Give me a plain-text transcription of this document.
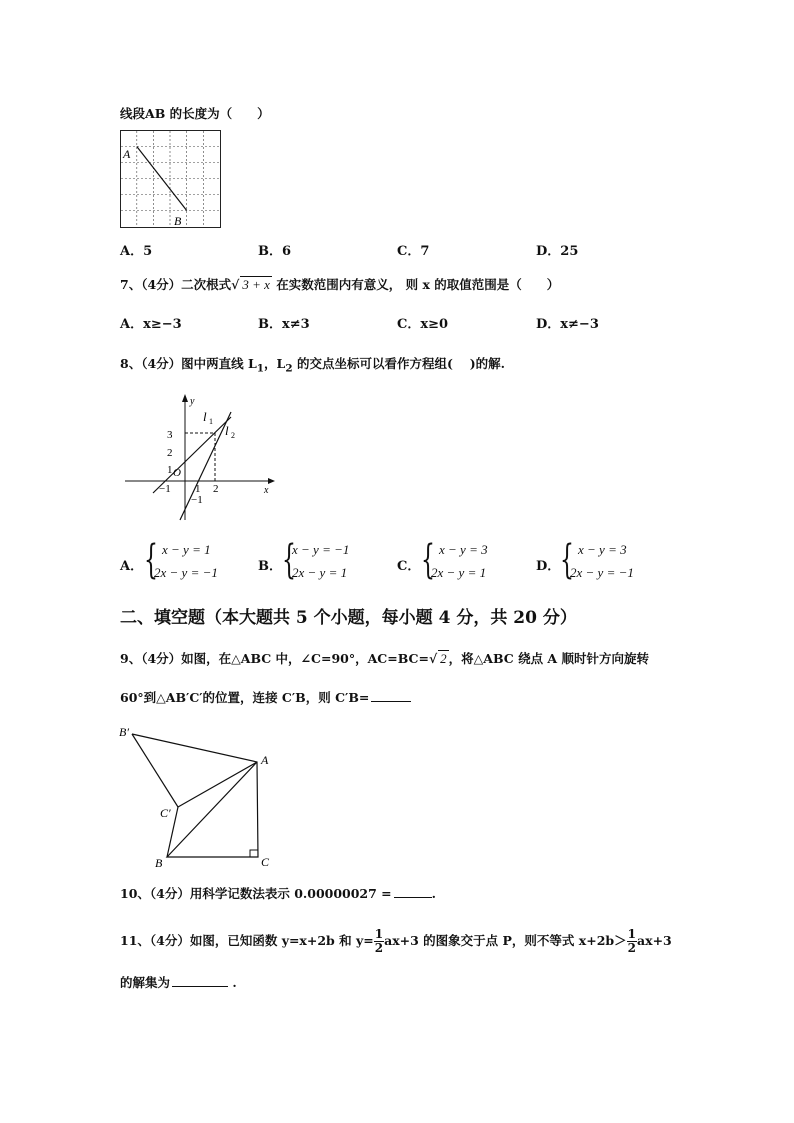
线段AB 的长度为（　　）
A
B
A．5	B．6	C．7	D．25
7、（4分）二次根式√ 3 + x 在实数范围内有意义， 则 x 的取值范围是（　　）
A．x≥−3	B．x≠3	C．x≥0	D．x≠−3
8、（4分）图中两直线 $L_1$，$L_2$ 的交点坐标可以看作方程组(　 )的解.
y
x
l 1
l 2
3
2
1 O
−1 1 2
−1
A． { x − y = 1
2x − y = −1	B． {
x − y = −1
2x − y = 1	C． { x − y = 3
2x − y = 1	D． { x − y = 3
2x − y = −1
二、填空题（本大题共 5 个小题，每小题 4 分，共 20 分）
9、（4分）如图，在△ABC 中，∠C=90°，AC=BC=√ 2 ，将△ABC 绕点 A 顺时针方向旋转
60°到△AB′C′的位置，连接 C′B，则 C′B=
B′
A
C′
B	C
10、（4分）用科学记数法表示 0.00000027 =	.
11、（4分）如图，已知函数 y=x+2b 和 $y= \frac{1}{2} ax+3$ 的图象交于点 P，则不等式 $x+2b> \frac{1}{2} ax+3$
的解集为	.
